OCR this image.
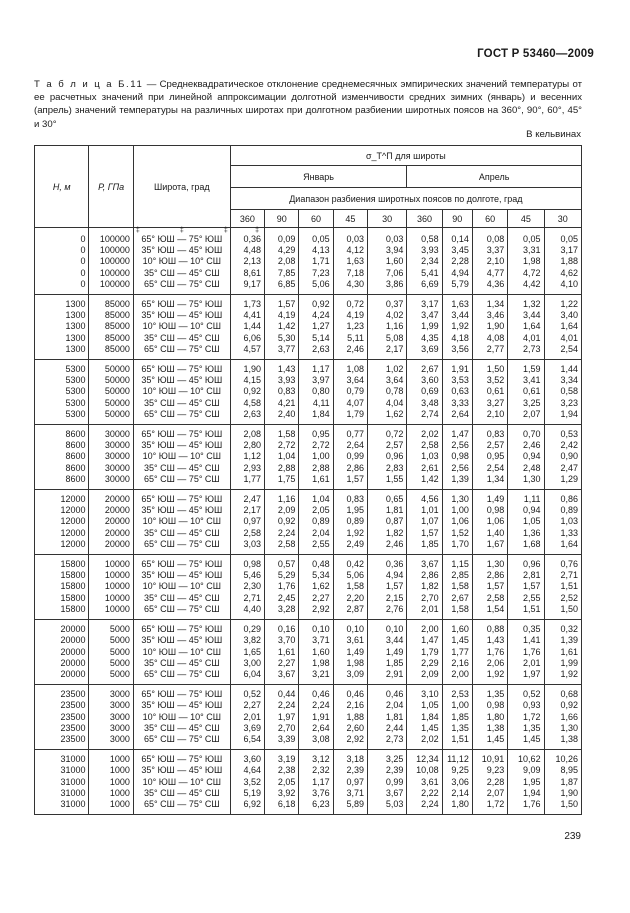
ГОСТ Р 53460—2009
Т а б л и ц а Б.11 — Среднеквадратическое отклонение среднемесячных эмпирических значений температуры от ее расчетных значений при линейной аппроксимации долготной изменчивости средних зимних (январь) и весенних (апрель) значений температуры на различных широтах при долготном разбиении широтных поясов на 360°, 90°, 60°, 45° и 30°
В кельвинах
Н, м	Р, ГПа	Широта, град	σ_T^П для широты									
			Январь					Апрель				
			Диапазон разбиения широтных поясов по долготе, град									
			360	90	60	45	30	360	90	60	45	30

		‡ ‡ ‡	‡									

0	100000	65° ЮШ — 75° ЮШ	0,36	0,09	0,05	0,03	0,03	0,58	0,14	0,08	0,05	0,05
0	100000	35° ЮШ — 45° ЮШ	4,48	4,29	4,13	4,12	3,94	3,93	3,45	3,37	3,31	3,17
0	100000	10° ЮШ — 10° СШ	2,13	2,08	1,71	1,63	1,60	2,34	2,28	2,10	1,98	1,88
0	100000	35° СШ — 45° СШ	8,61	7,85	7,23	7,18	7,06	5,41	4,94	4,77	4,72	4,62
0	100000	65° СШ — 75° СШ	9,17	6,85	5,06	4,30	3,86	6,69	5,79	4,36	4,42	4,10
1300	85000	65° ЮШ — 75° ЮШ	1,73	1,57	0,92	0,72	0,37	3,17	1,63	1,34	1,32	1,22
1300	85000	35° ЮШ — 45° ЮШ	4,41	4,19	4,24	4,19	4,02	3,47	3,44	3,46	3,44	3,40
1300	85000	10° ЮШ — 10° СШ	1,44	1,42	1,27	1,23	1,16	1,99	1,92	1,90	1,64	1,64
1300	85000	35° СШ — 45° СШ	6,06	5,30	5,14	5,11	5,08	4,35	4,18	4,08	4,01	4,01
1300	85000	65° СШ — 75° СШ	4,57	3,77	2,63	2,46	2,17	3,69	3,56	2,77	2,73	2,54
5300	50000	65° ЮШ — 75° ЮШ	1,90	1,43	1,17	1,08	1,02	2,67	1,91	1,50	1,59	1,44
5300	50000	35° ЮШ — 45° ЮШ	4,15	3,93	3,97	3,64	3,64	3,60	3,53	3,52	3,41	3,34
5300	50000	10° ЮШ — 10° СШ	0,92	0,83	0,80	0,79	0,78	0,69	0,63	0,61	0,61	0,58
5300	50000	35° СШ — 45° СШ	4,58	4,21	4,11	4,07	4,04	3,48	3,33	3,27	3,25	3,23
5300	50000	65° СШ — 75° СШ	2,63	2,40	1,84	1,79	1,62	2,74	2,64	2,10	2,07	1,94
8600	30000	65° ЮШ — 75° ЮШ	2,08	1,58	0,95	0,77	0,72	2,02	1,47	0,83	0,70	0,53
8600	30000	35° ЮШ — 45° ЮШ	2,80	2,72	2,72	2,64	2,57	2,58	2,56	2,57	2,46	2,42
8600	30000	10° ЮШ — 10° СШ	1,12	1,04	1,00	0,99	0,96	1,03	0,98	0,95	0,94	0,90
8600	30000	35° СШ — 45° СШ	2,93	2,88	2,88	2,86	2,83	2,61	2,56	2,54	2,48	2,47
8600	30000	65° СШ — 75° СШ	1,77	1,75	1,61	1,57	1,55	1,42	1,39	1,34	1,30	1,29
12000	20000	65° ЮШ — 75° ЮШ	2,47	1,16	1,04	0,83	0,65	4,56	1,30	1,49	1,11	0,86
12000	20000	35° ЮШ — 45° ЮШ	2,17	2,09	2,05	1,95	1,81	1,01	1,00	0,98	0,94	0,89
12000	20000	10° ЮШ — 10° СШ	0,97	0,92	0,89	0,89	0,87	1,07	1,06	1,06	1,05	1,03
12000	20000	35° СШ — 45° СШ	2,58	2,24	2,04	1,92	1,82	1,57	1,52	1,40	1,36	1,33
12000	20000	65° СШ — 75° СШ	3,03	2,58	2,55	2,49	2,46	1,85	1,70	1,67	1,68	1,64
15800	10000	65° ЮШ — 75° ЮШ	0,98	0,57	0,48	0,42	0,36	3,67	1,15	1,30	0,96	0,76
15800	10000	35° ЮШ — 45° ЮШ	5,46	5,29	5,34	5,06	4,94	2,86	2,85	2,86	2,81	2,71
15800	10000	10° ЮШ — 10° СШ	2,30	1,76	1,62	1,58	1,57	1,82	1,58	1,57	1,57	1,51
15800	10000	35° СШ — 45° СШ	2,71	2,45	2,27	2,20	2,15	2,70	2,67	2,58	2,55	2,52
15800	10000	65° СШ — 75° СШ	4,40	3,28	2,92	2,87	2,76	2,01	1,58	1,54	1,51	1,50
20000	5000	65° ЮШ — 75° ЮШ	0,29	0,16	0,10	0,10	0,10	2,00	1,60	0,88	0,35	0,32
20000	5000	35° ЮШ — 45° ЮШ	3,82	3,70	3,71	3,61	3,44	1,47	1,45	1,43	1,41	1,39
20000	5000	10° ЮШ — 10° СШ	1,65	1,61	1,60	1,49	1,49	1,79	1,77	1,76	1,76	1,61
20000	5000	35° СШ — 45° СШ	3,00	2,27	1,98	1,98	1,85	2,29	2,16	2,06	2,01	1,99
20000	5000	65° СШ — 75° СШ	6,04	3,67	3,21	3,09	2,91	2,09	2,00	1,92	1,97	1,92
23500	3000	65° ЮШ — 75° ЮШ	0,52	0,44	0,46	0,46	0,46	3,10	2,53	1,35	0,52	0,68
23500	3000	35° ЮШ — 45° ЮШ	2,27	2,24	2,24	2,16	2,04	1,05	1,00	0,98	0,93	0,92
23500	3000	10° ЮШ — 10° СШ	2,01	1,97	1,91	1,88	1,81	1,84	1,85	1,80	1,72	1,66
23500	3000	35° СШ — 45° СШ	3,69	2,70	2,64	2,60	2,44	1,45	1,35	1,38	1,35	1,30
23500	3000	65° СШ — 75° СШ	6,54	3,39	3,08	2,92	2,73	2,02	1,51	1,45	1,45	1,38
31000	1000	65° ЮШ — 75° ЮШ	3,60	3,19	3,12	3,18	3,25	12,34	11,12	10,91	10,62	10,26
31000	1000	35° ЮШ — 45° ЮШ	4,64	2,38	2,32	2,39	2,39	10,08	9,25	9,23	9,09	8,95
31000	1000	10° ЮШ — 10° СШ	3,52	2,05	1,17	0,97	0,99	3,61	3,06	2,28	1,95	1,87
31000	1000	35° СШ — 45° СШ	5,19	3,92	3,76	3,71	3,67	2,22	2,14	2,07	1,94	1,90
31000	1000	65° СШ — 75° СШ	6,92	6,18	6,23	5,89	5,03	2,24	1,80	1,72	1,76	1,50
239
